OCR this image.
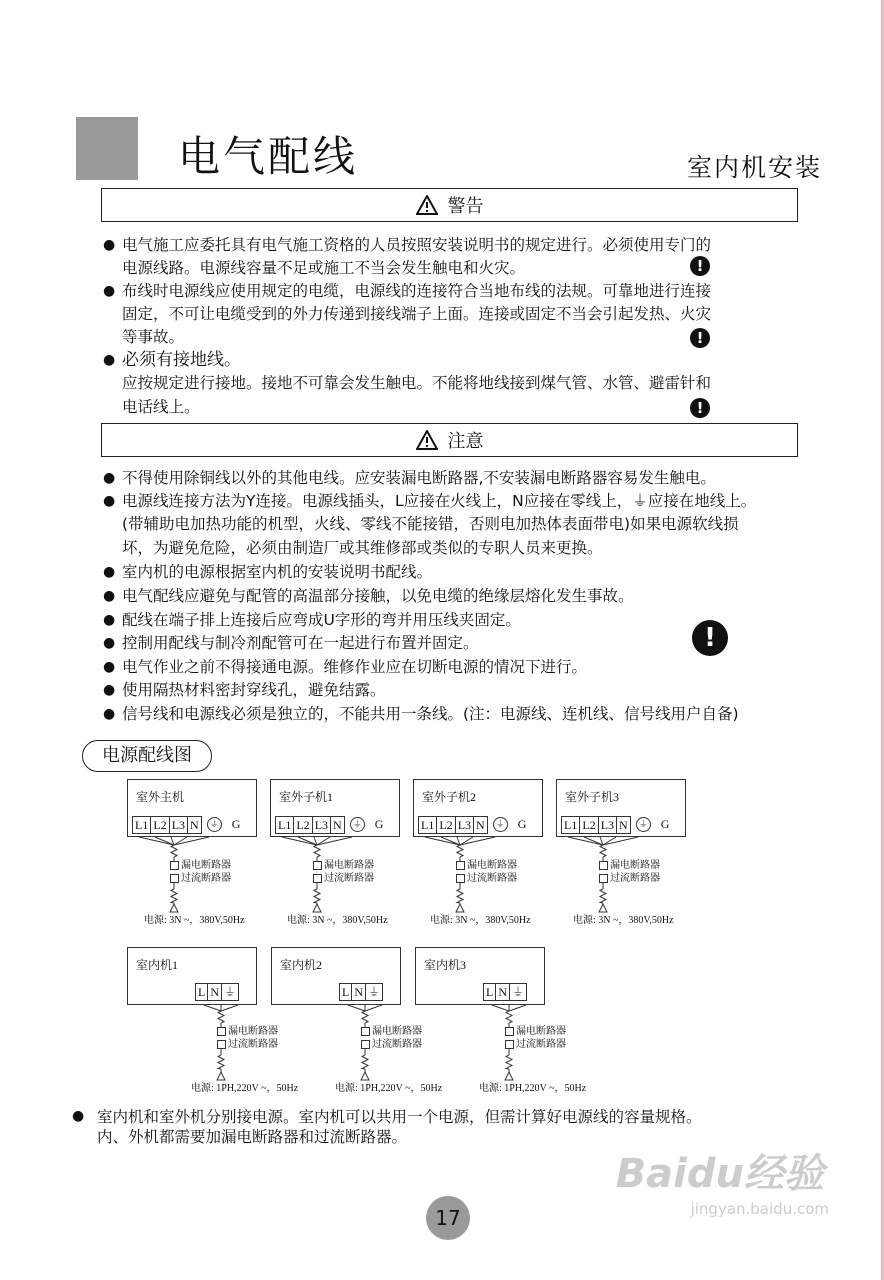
电气配线	室内机安装
警告
注意
!
!
!
!
电源配线图
● 室内机和室外机分别接电源。室内机可以共用一个电源，但需计算好电源线的容量规格。
内、外机都需要加漏电断路器和过流断路器。
Baidu经验
jingyan.baidu.com
17
● 电气施工应委托具有电气施工资格的人员按照安装说明书的规定进行。必须使用专门的
电源线路。电源线容量不足或施工不当会发生触电和火灾。
● 布线时电源线应使用规定的电缆，电源线的连接符合当地布线的法规。可靠地进行连接
固定，不可让电缆受到的外力传递到接线端子上面。连接或固定不当会引起发热、火灾
等事故。
● 必须有接地线。
应按规定进行接地。接地不可靠会发生触电。不能将地线接到煤气管、水管、避雷针和
电话线上。
● 不得使用除铜线以外的其他电线。应安装漏电断路器,不安装漏电断路器容易发生触电。
● 电源线连接方法为Y连接。电源线插头，L应接在火线上，N应接在零线上，⏚应接在地线上。
(带辅助电加热功能的机型，火线、零线不能接错，否则电加热体表面带电)如果电源软线损
坏，为避免危险，必须由制造厂或其维修部或类似的专职人员来更换。
● 室内机的电源根据室内机的安装说明书配线。
● 电气配线应避免与配管的高温部分接触，以免电缆的绝缘层熔化发生事故。
● 配线在端子排上连接后应弯成U字形的弯并用压线夹固定。
● 控制用配线与制冷剂配管可在一起进行布置并固定。
● 电气作业之前不得接通电源。维修作业应在切断电源的情况下进行。
● 使用隔热材料密封穿线孔，避免结露。
● 信号线和电源线必须是独立的，不能共用一条线。(注：电源线、连机线、信号线用户自备)
室外主机
L1 L2 L3 N	⏚ G
漏电断路器
过流断路器
电源: 3N ~，380V,50Hz
室外子机1
L1 L2 L3 N	⏚ G
漏电断路器
过流断路器
电源: 3N ~，380V,50Hz
室外子机2
L1 L2 L3 N	⏚ G
漏电断路器
过流断路器
电源: 3N ~，380V,50Hz
室外子机3
L1 L2 L3 N	⏚ G
漏电断路器
过流断路器
电源: 3N ~，380V,50Hz
室内机1
L N ⏚
漏电断路器
过流断路器
电源: 1PH,220V ~，50Hz
室内机2
L N ⏚
漏电断路器
过流断路器
电源: 1PH,220V ~，50Hz
室内机3
L N ⏚
漏电断路器
过流断路器
电源: 1PH,220V ~，50Hz
